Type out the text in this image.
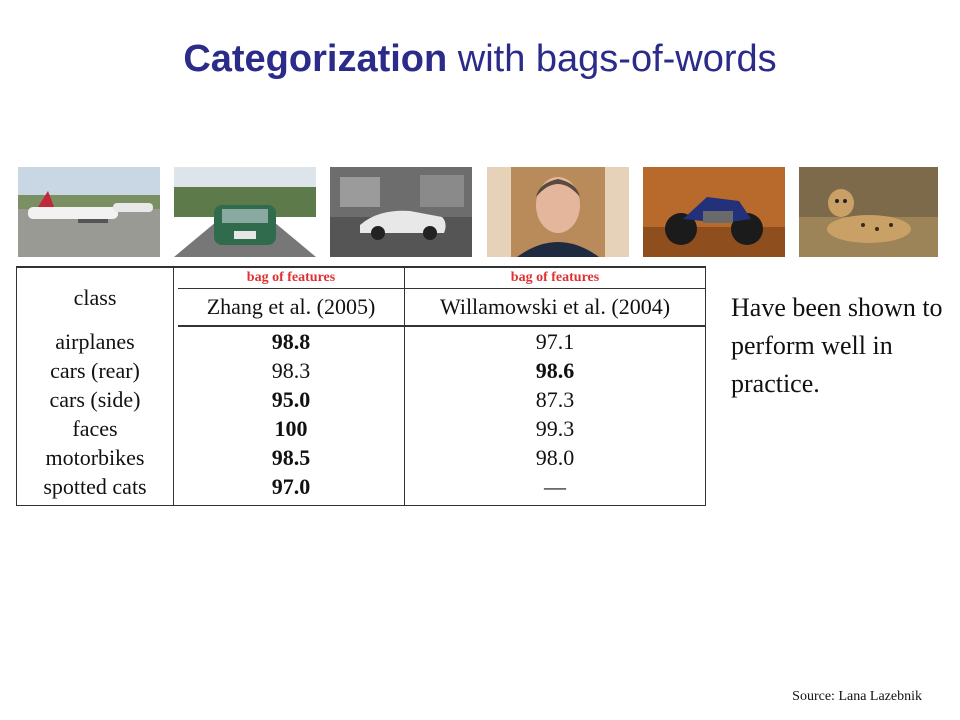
Categorization with bags-of-words
class		bag of features	bag of features
		Zhang et al. (2005)	Willamowski et al. (2004)

airplanes		98.8	97.1
cars (rear)		98.3	98.6
cars (side)		95.0	87.3
faces		100	99.3
motorbikes		98.5	98.0
spotted cats		97.0	—
Have been shown to perform well in practice.
Source: Lana Lazebnik
